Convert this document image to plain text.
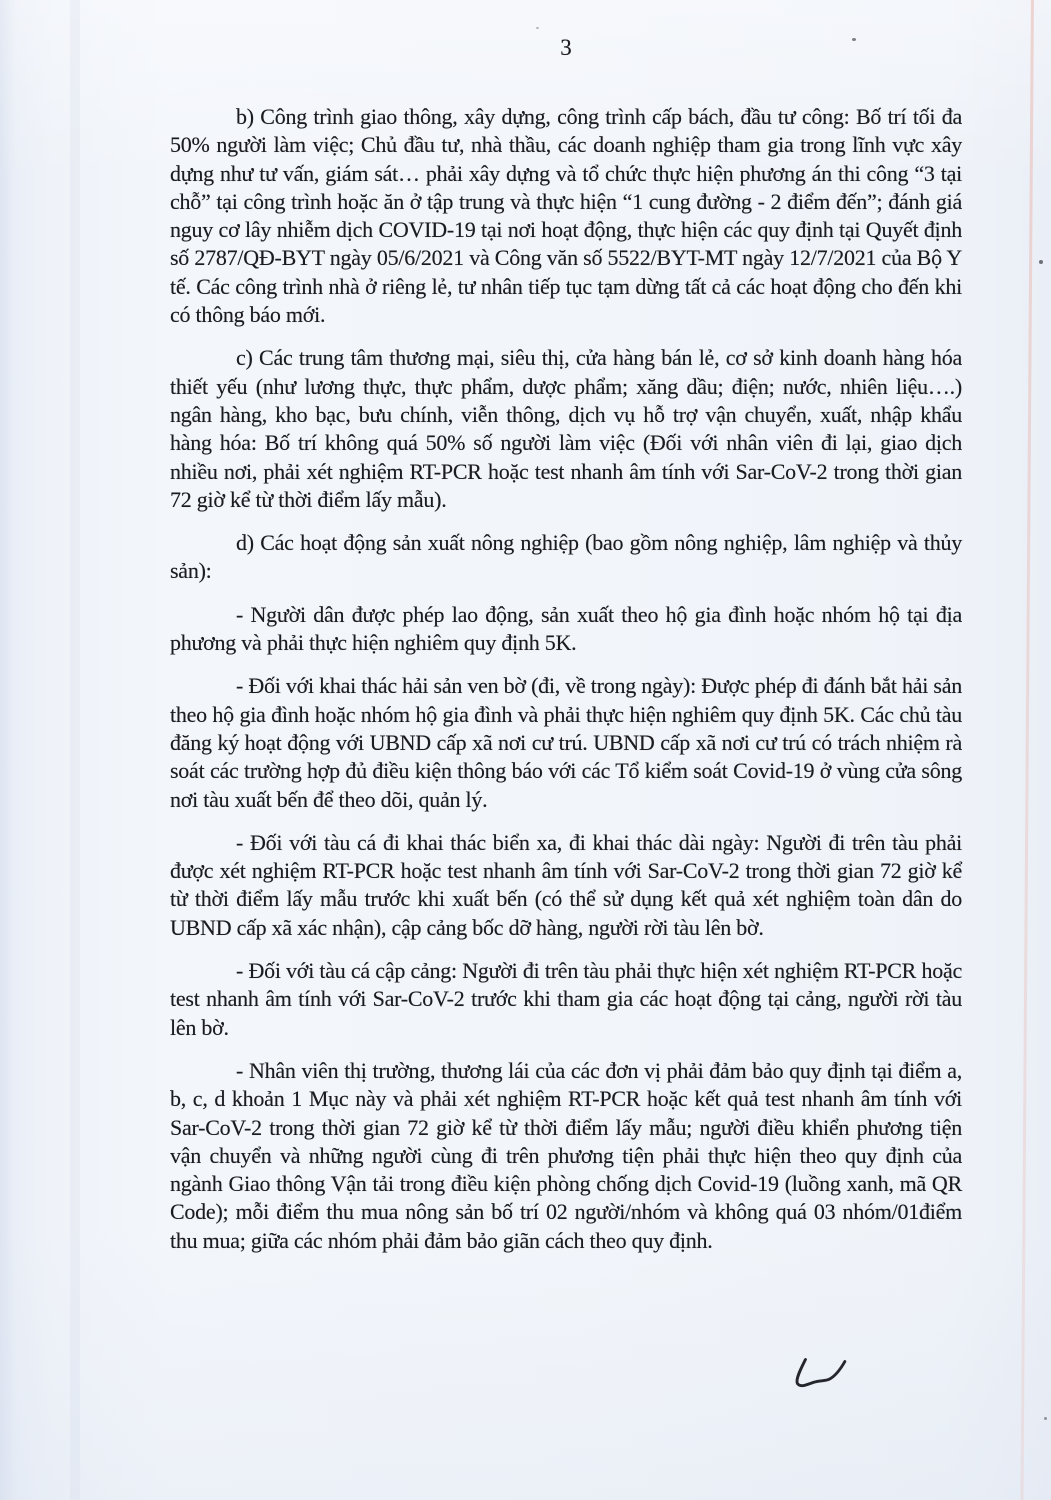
3

b) Công trình giao thông, xây dựng, công trình cấp bách, đầu tư công: Bố trí tối đa 50% người làm việc; Chủ đầu tư, nhà thầu, các doanh nghiệp tham gia trong lĩnh vực xây dựng như tư vấn, giám sát… phải xây dựng và tổ chức thực hiện phương án thi công “3 tại chỗ” tại công trình hoặc ăn ở tập trung và thực hiện “1 cung đường - 2 điểm đến”; đánh giá nguy cơ lây nhiễm dịch COVID-19 tại nơi hoạt động, thực hiện các quy định tại Quyết định số 2787/QĐ-BYT ngày 05/6/2021 và Công văn số 5522/BYT-MT ngày 12/7/2021 của Bộ Y tế. Các công trình nhà ở riêng lẻ, tư nhân tiếp tục tạm dừng tất cả các hoạt động cho đến khi có thông báo mới.

c) Các trung tâm thương mại, siêu thị, cửa hàng bán lẻ, cơ sở kinh doanh hàng hóa thiết yếu (như lương thực, thực phẩm, dược phẩm; xăng dầu; điện; nước, nhiên liệu….) ngân hàng, kho bạc, bưu chính, viễn thông, dịch vụ hỗ trợ vận chuyển, xuất, nhập khẩu hàng hóa: Bố trí không quá 50% số người làm việc (Đối với nhân viên đi lại, giao dịch nhiều nơi, phải xét nghiệm RT-PCR hoặc test nhanh âm tính với Sar-CoV-2 trong thời gian 72 giờ kể từ thời điểm lấy mẫu).

d) Các hoạt động sản xuất nông nghiệp (bao gồm nông nghiệp, lâm nghiệp và thủy sản):

- Người dân được phép lao động, sản xuất theo hộ gia đình hoặc nhóm hộ tại địa phương và phải thực hiện nghiêm quy định 5K.

- Đối với khai thác hải sản ven bờ (đi, về trong ngày): Được phép đi đánh bắt hải sản theo hộ gia đình hoặc nhóm hộ gia đình và phải thực hiện nghiêm quy định 5K. Các chủ tàu đăng ký hoạt động với UBND cấp xã nơi cư trú. UBND cấp xã nơi cư trú có trách nhiệm rà soát các trường hợp đủ điều kiện thông báo với các Tổ kiểm soát Covid-19 ở vùng cửa sông nơi tàu xuất bến để theo dõi, quản lý.

- Đối với tàu cá đi khai thác biển xa, đi khai thác dài ngày: Người đi trên tàu phải được xét nghiệm RT-PCR hoặc test nhanh âm tính với Sar-CoV-2 trong thời gian 72 giờ kể từ thời điểm lấy mẫu trước khi xuất bến (có thể sử dụng kết quả xét nghiệm toàn dân do UBND cấp xã xác nhận), cập cảng bốc dỡ hàng, người rời tàu lên bờ.

- Đối với tàu cá cập cảng: Người đi trên tàu phải thực hiện xét nghiệm RT-PCR hoặc test nhanh âm tính với Sar-CoV-2 trước khi tham gia các hoạt động tại cảng, người rời tàu lên bờ.

- Nhân viên thị trường, thương lái của các đơn vị phải đảm bảo quy định tại điểm a, b, c, d khoản 1 Mục này và phải xét nghiệm RT-PCR hoặc kết quả test nhanh âm tính với Sar-CoV-2 trong thời gian 72 giờ kể từ thời điểm lấy mẫu; người điều khiển phương tiện vận chuyển và những người cùng đi trên phương tiện phải thực hiện theo quy định của ngành Giao thông Vận tải trong điều kiện phòng chống dịch Covid-19 (luồng xanh, mã QR Code); mỗi điểm thu mua nông sản bố trí 02 người/nhóm và không quá 03 nhóm/01điểm thu mua; giữa các nhóm phải đảm bảo giãn cách theo quy định.
